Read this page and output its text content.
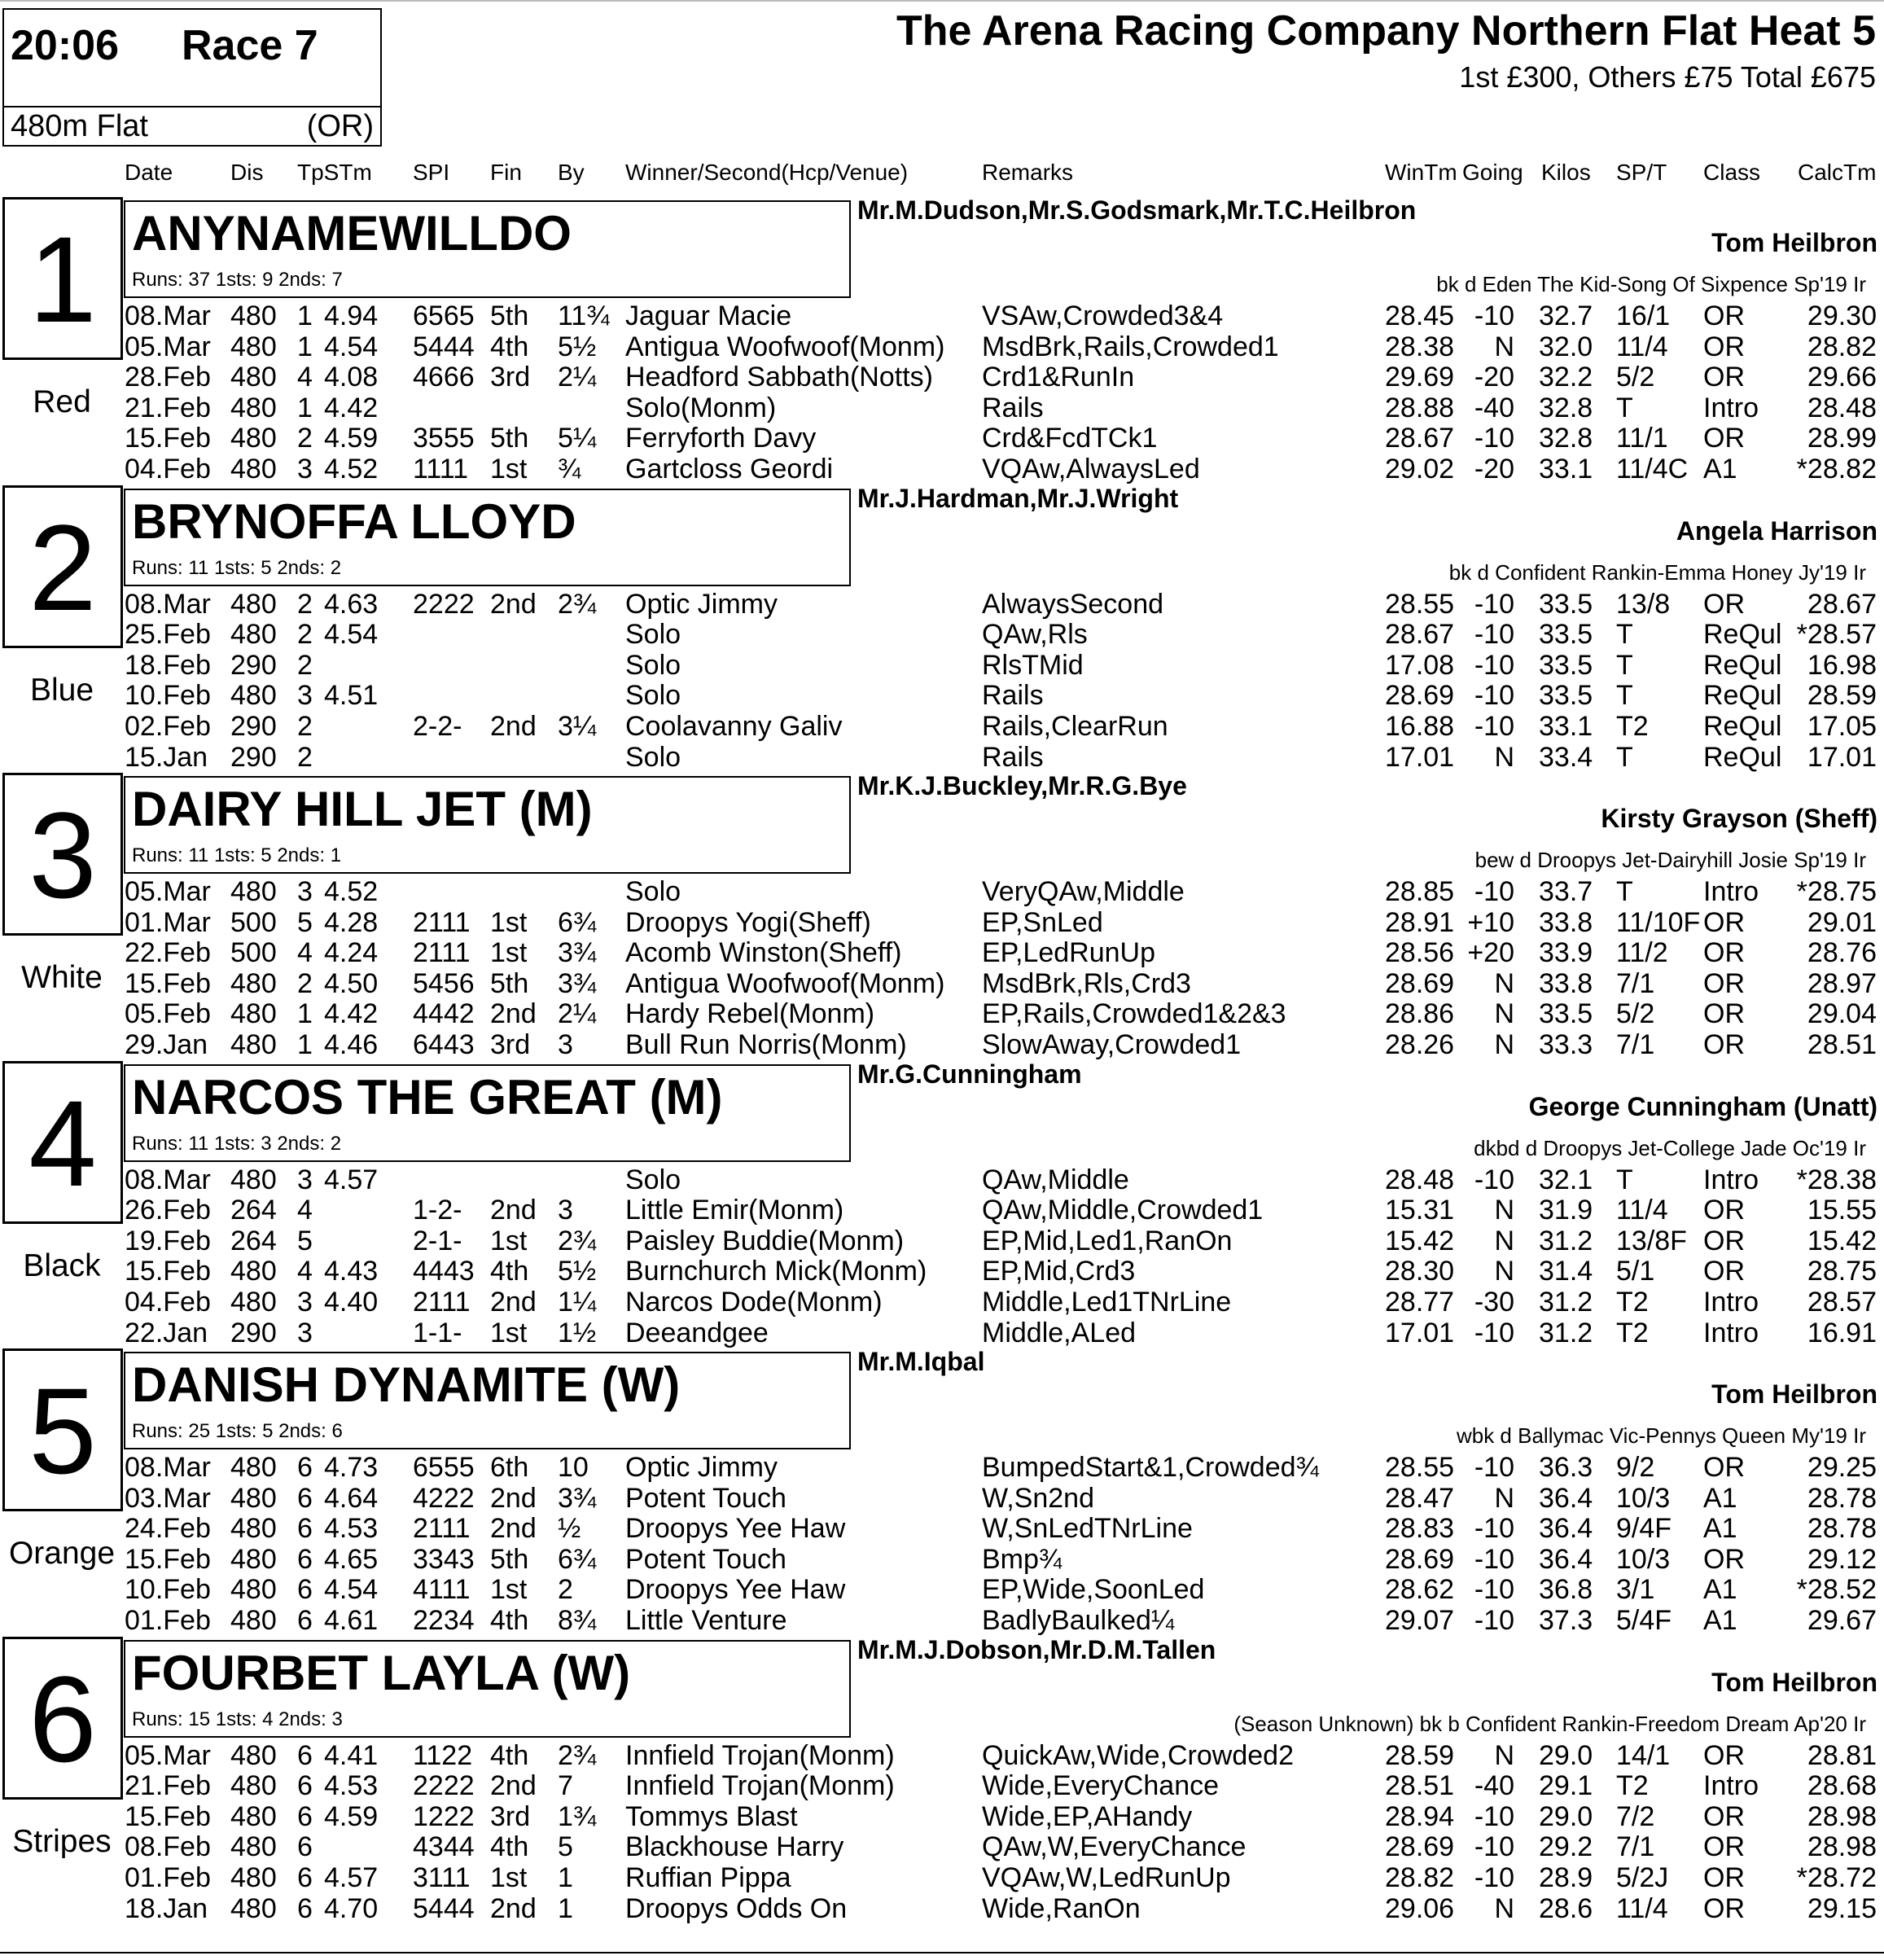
20:06 Race 7
480m Flat	(OR)
The Arena Racing Company Northern Flat Heat 5
1st £300, Others £75 Total £675
Date	Dis TpSTm SPI Fin By Winner/Second(Hcp/Venue)	Remarks	WinTm Going Kilos SP/T Class CalcTm
1
Red
ANYNAMEWILLDO
Runs: 37 1sts: 9 2nds: 7
Mr.M.Dudson,Mr.S.Godsmark,Mr.T.C.Heilbron
Tom Heilbron
bk d Eden The Kid-Song Of Sixpence Sp'19 Ir
08.Mar 480 1 4.94 6565 5th	11¾ Jaguar Macie	VSAw,Crowded3&4	28.45 -10 32.7 16/1	OR	29.30
05.Mar 480 1 4.54 5444 4th	5½	Antigua Woofwoof(Monm)	MsdBrk,Rails,Crowded1	28.38	N 32.0 11/4	OR	28.82
28.Feb 480 4 4.08 4666 3rd 2¼	Headford Sabbath(Notts)	Crd1&RunIn	29.69 -20 32.2 5/2	OR	29.66
21.Feb 480 1 4.42	Solo(Monm)	Rails	28.88 -40 32.8 T	Intro	28.48
15.Feb 480 2 4.59 3555 5th	5¼	Ferryforth Davy	Crd&FcdTCk1	28.67 -10 32.8 11/1	OR	28.99
04.Feb 480 3 4.52 1111 1st	¾	Gartcloss Geordi	VQAw,AlwaysLed	29.02 -20 33.1 11/4C A1	*28.82
2
Blue
BRYNOFFA LLOYD
Runs: 11 1sts: 5 2nds: 2
Mr.J.Hardman,Mr.J.Wright
Angela Harrison
bk d Confident Rankin-Emma Honey Jy'19 Ir
08.Mar 480 2 4.63 2222 2nd 2¾	Optic Jimmy	AlwaysSecond	28.55 -10 33.5 13/8	OR	28.67
25.Feb 480 2 4.54	Solo	QAw,Rls	28.67 -10 33.5 T	ReQul *28.57
18.Feb 290 2	Solo	RlsTMid	17.08 -10 33.5 T	ReQul 16.98
10.Feb 480 3 4.51	Solo	Rails	28.69 -10 33.5 T	ReQul 28.59
02.Feb 290 2	2-2-	2nd 3¼	Coolavanny Galiv	Rails,ClearRun	16.88 -10 33.1 T2	ReQul 17.05
15.Jan 290 2	Solo	Rails	17.01	N 33.4 T	ReQul 17.01
3
White
DAIRY HILL JET (M)
Runs: 11 1sts: 5 2nds: 1
Mr.K.J.Buckley,Mr.R.G.Bye
Kirsty Grayson (Sheff)
bew d Droopys Jet-Dairyhill Josie Sp'19 Ir
05.Mar 480 3 4.52	Solo	VeryQAw,Middle	28.85 -10 33.7 T	Intro	*28.75
01.Mar 500 5 4.28 2111 1st	6¾	Droopys Yogi(Sheff)	EP,SnLed	28.91 +10 33.8 11/10F OR	29.01
22.Feb 500 4 4.24 2111 1st	3¾	Acomb Winston(Sheff)	EP,LedRunUp	28.56 +20 33.9 11/2	OR	28.76
15.Feb 480 2 4.50 5456 5th	3¾	Antigua Woofwoof(Monm)	MsdBrk,Rls,Crd3	28.69	N 33.8 7/1	OR	28.97
05.Feb 480 1 4.42 4442 2nd 2¼	Hardy Rebel(Monm)	EP,Rails,Crowded1&2&3	28.86	N 33.5 5/2	OR	29.04
29.Jan 480 1 4.46 6443 3rd 3	Bull Run Norris(Monm)	SlowAway,Crowded1	28.26	N 33.3 7/1	OR	28.51
4
Black
NARCOS THE GREAT (M)
Runs: 11 1sts: 3 2nds: 2
Mr.G.Cunningham
George Cunningham (Unatt)
dkbd d Droopys Jet-College Jade Oc'19 Ir
08.Mar 480 3 4.57	Solo	QAw,Middle	28.48 -10 32.1 T	Intro	*28.38
26.Feb 264 4	1-2-	2nd 3	Little Emir(Monm)	QAw,Middle,Crowded1	15.31	N 31.9 11/4	OR	15.55
19.Feb 264 5	2-1-	1st	2¾	Paisley Buddie(Monm)	EP,Mid,Led1,RanOn	15.42	N 31.2 13/8F OR	15.42
15.Feb 480 4 4.43 4443 4th	5½	Burnchurch Mick(Monm)	EP,Mid,Crd3	28.30	N 31.4 5/1	OR	28.75
04.Feb 480 3 4.40 2111 2nd 1¼	Narcos Dode(Monm)	Middle,Led1TNrLine	28.77 -30 31.2 T2	Intro	28.57
22.Jan 290 3	1-1-	1st	1½	Deeandgee	Middle,ALed	17.01 -10 31.2 T2	Intro	16.91
5
Orange
DANISH DYNAMITE (W)
Runs: 25 1sts: 5 2nds: 6
Mr.M.Iqbal
Tom Heilbron
wbk d Ballymac Vic-Pennys Queen My'19 Ir
08.Mar 480 6 4.73 6555 6th	10	Optic Jimmy	BumpedStart&1,Crowded¾	28.55 -10 36.3 9/2	OR	29.25
03.Mar 480 6 4.64 4222 2nd 3¾	Potent Touch	W,Sn2nd	28.47	N 36.4 10/3	A1	28.78
24.Feb 480 6 4.53 2111 2nd ½	Droopys Yee Haw	W,SnLedTNrLine	28.83 -10 36.4 9/4F	A1	28.78
15.Feb 480 6 4.65 3343 5th	6¾	Potent Touch	Bmp¾	28.69 -10 36.4 10/3	OR	29.12
10.Feb 480 6 4.54 4111 1st	2	Droopys Yee Haw	EP,Wide,SoonLed	28.62 -10 36.8 3/1	A1	*28.52
01.Feb 480 6 4.61 2234 4th	8¾	Little Venture	BadlyBaulked¼	29.07 -10 37.3 5/4F	A1	29.67
6
Stripes
FOURBET LAYLA (W)
Runs: 15 1sts: 4 2nds: 3
Mr.M.J.Dobson,Mr.D.M.Tallen
Tom Heilbron
(Season Unknown) bk b Confident Rankin-Freedom Dream Ap'20 Ir
05.Mar 480 6 4.41 1122 4th	2¾	Innfield Trojan(Monm)	QuickAw,Wide,Crowded2	28.59	N 29.0 14/1	OR	28.81
21.Feb 480 6 4.53 2222 2nd 7	Innfield Trojan(Monm)	Wide,EveryChance	28.51 -40 29.1 T2	Intro	28.68
15.Feb 480 6 4.59 1222 3rd 1¾	Tommys Blast	Wide,EP,AHandy	28.94 -10 29.0 7/2	OR	28.98
08.Feb 480 6	4344 4th	5	Blackhouse Harry	QAw,W,EveryChance	28.69 -10 29.2 7/1	OR	28.98
01.Feb 480 6 4.57 3111 1st	1	Ruffian Pippa	VQAw,W,LedRunUp	28.82 -10 28.9 5/2J	OR	*28.72
18.Jan 480 6 4.70 5444 2nd 1	Droopys Odds On	Wide,RanOn	29.06	N 28.6 11/4	OR	29.15
